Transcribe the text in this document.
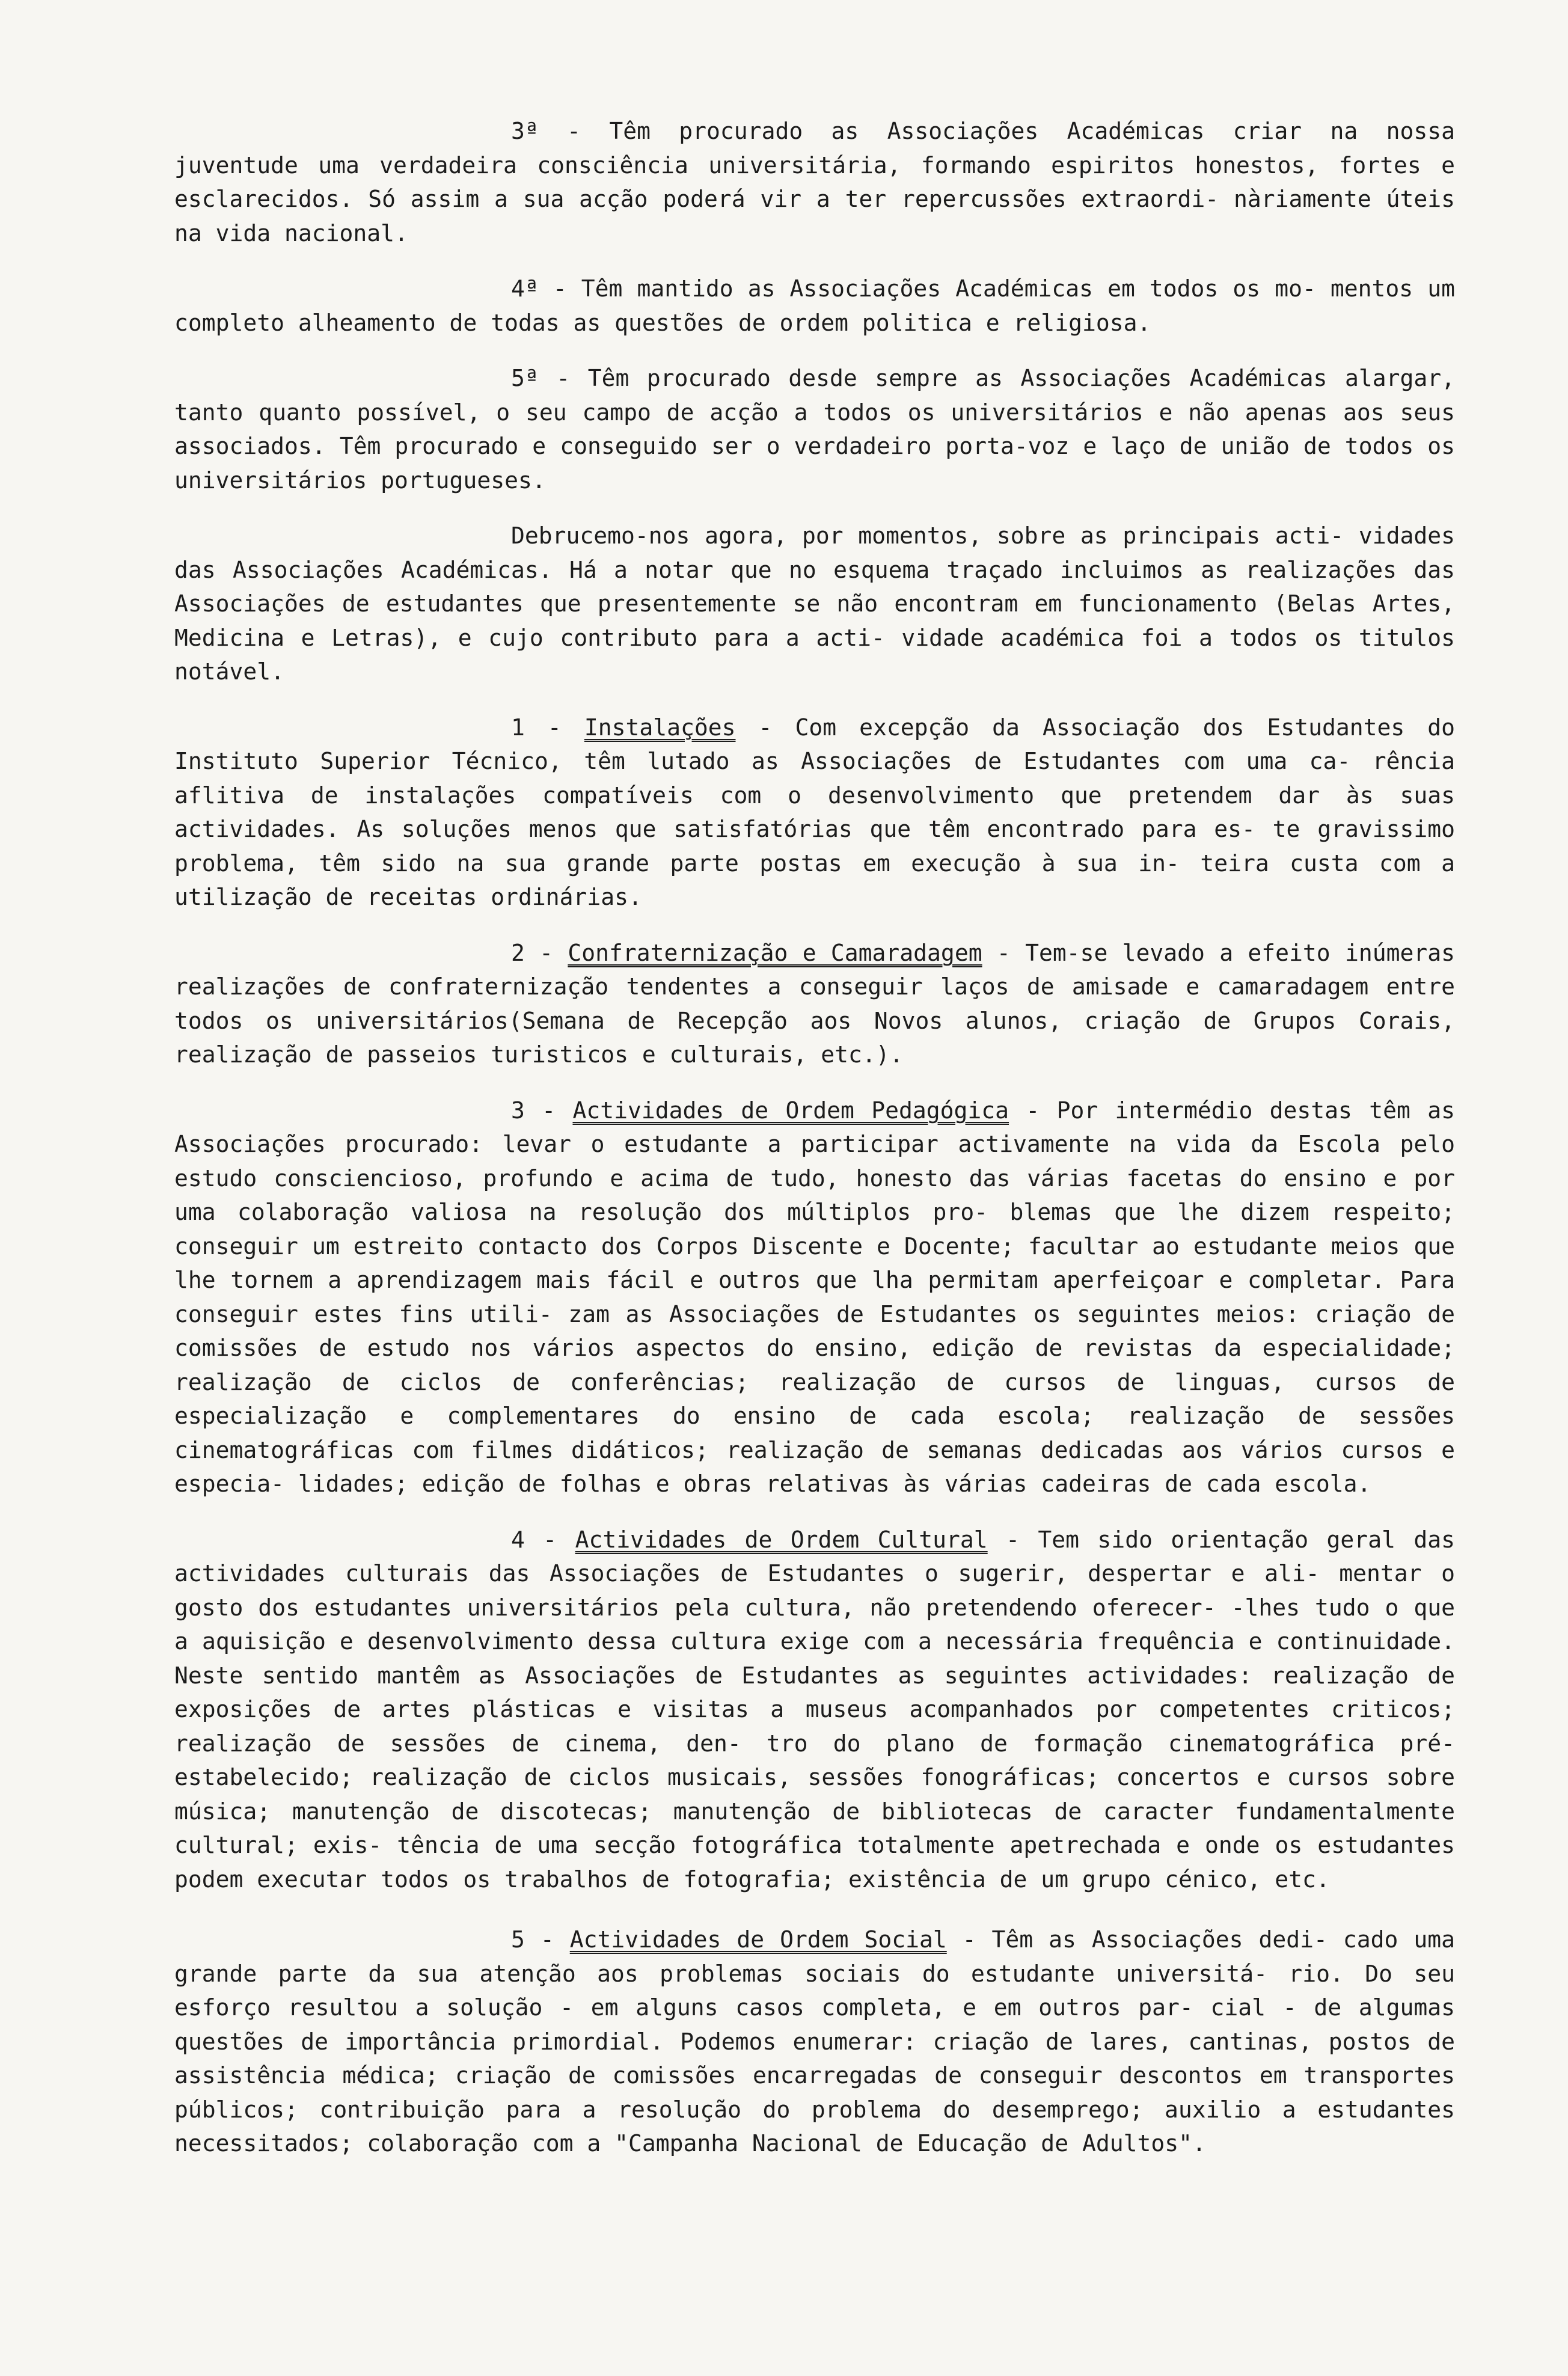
3ª - Têm procurado as Associações Académicas criar na nossa juventude uma verdadeira consciência universitária, formando espiritos honestos, fortes e esclarecidos. Só assim a sua acção poderá vir a ter repercussões extraordi- nàriamente úteis na vida nacional.

4ª - Têm mantido as Associações Académicas em todos os mo- mentos um completo alheamento de todas as questões de ordem politica e religiosa.

5ª - Têm procurado desde sempre as Associações Académicas alargar, tanto quanto possível, o seu campo de acção a todos os universitários e não apenas aos seus associados. Têm procurado e conseguido ser o verdadeiro porta-voz e laço de união de todos os universitários portugueses.

Debrucemo-nos agora, por momentos, sobre as principais acti- vidades das Associações Académicas. Há a notar que no esquema traçado incluimos as realizações das Associações de estudantes que presentemente se não encontram em funcionamento (Belas Artes, Medicina e Letras), e cujo contributo para a acti- vidade académica foi a todos os titulos notável.

1 - Instalações - Com excepção da Associação dos Estudantes do Instituto Superior Técnico, têm lutado as Associações de Estudantes com uma ca- rência aflitiva de instalações compatíveis com o desenvolvimento que pretendem dar às suas actividades. As soluções menos que satisfatórias que têm encontrado para es- te gravissimo problema, têm sido na sua grande parte postas em execução à sua in- teira custa com a utilização de receitas ordinárias.

2 - Confraternização e Camaradagem - Tem-se levado a efeito inúmeras realizações de confraternização tendentes a conseguir laços de amisade e camaradagem entre todos os universitários(Semana de Recepção aos Novos alunos, criação de Grupos Corais, realização de passeios turisticos e culturais, etc.).

3 - Actividades de Ordem Pedagógica - Por intermédio destas têm as Associações procurado: levar o estudante a participar activamente na vida da Escola pelo estudo consciencioso, profundo e acima de tudo, honesto das várias facetas do ensino e por uma colaboração valiosa na resolução dos múltiplos pro- blemas que lhe dizem respeito; conseguir um estreito contacto dos Corpos Discente e Docente; facultar ao estudante meios que lhe tornem a aprendizagem mais fácil e outros que lha permitam aperfeiçoar e completar. Para conseguir estes fins utili- zam as Associações de Estudantes os seguintes meios: criação de comissões de estudo nos vários aspectos do ensino, edição de revistas da especialidade; realização de ciclos de conferências; realização de cursos de linguas, cursos de especialização e complementares do ensino de cada escola; realização de sessões cinematográficas com filmes didáticos; realização de semanas dedicadas aos vários cursos e especia- lidades; edição de folhas e obras relativas às várias cadeiras de cada escola.

4 - Actividades de Ordem Cultural - Tem sido orientação geral das actividades culturais das Associações de Estudantes o sugerir, despertar e ali- mentar o gosto dos estudantes universitários pela cultura, não pretendendo oferecer- -lhes tudo o que a aquisição e desenvolvimento dessa cultura exige com a necessária frequência e continuidade. Neste sentido mantêm as Associações de Estudantes as seguintes actividades: realização de exposições de artes plásticas e visitas a museus acompanhados por competentes criticos; realização de sessões de cinema, den- tro do plano de formação cinematográfica pré-estabelecido; realização de ciclos musicais, sessões fonográficas; concertos e cursos sobre música; manutenção de discotecas; manutenção de bibliotecas de caracter fundamentalmente cultural; exis- tência de uma secção fotográfica totalmente apetrechada e onde os estudantes podem executar todos os trabalhos de fotografia; existência de um grupo cénico, etc.

5 - Actividades de Ordem Social - Têm as Associações dedi- cado uma grande parte da sua atenção aos problemas sociais do estudante universitá- rio. Do seu esforço resultou a solução - em alguns casos completa, e em outros par- cial - de algumas questões de importância primordial. Podemos enumerar: criação de lares, cantinas, postos de assistência médica; criação de comissões encarregadas de conseguir descontos em transportes públicos; contribuição para a resolução do problema do desemprego; auxilio a estudantes necessitados; colaboração com a "Campanha Nacional de Educação de Adultos".
